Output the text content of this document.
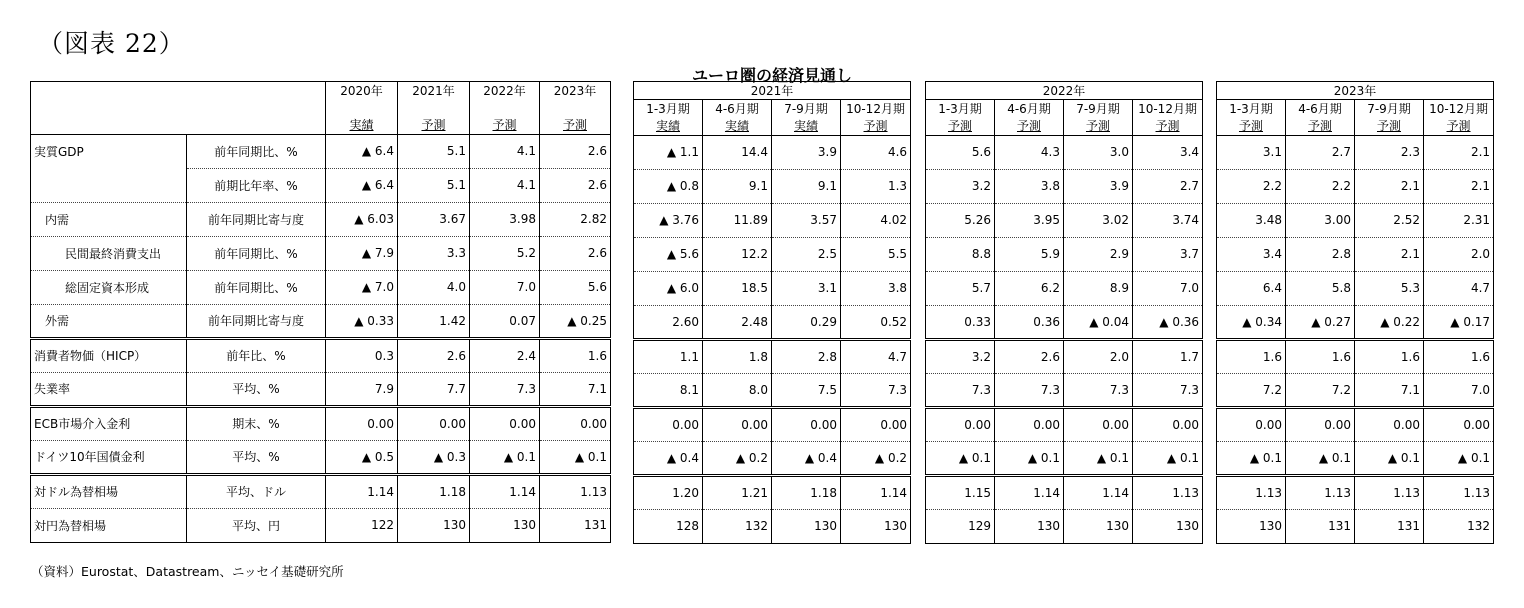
（図表 22）
ユーロ圏の経済見通し
		2020年	2021年	2022年	2023年

		実績	予測	予測	予測
実質GDP	前年同期比、%	▲ 6.4	5.1	4.1	2.6
	前期比年率、%	▲ 6.4	5.1	4.1	2.6
内需	前年同期比寄与度	▲ 6.03	3.67	3.98	2.82
民間最終消費支出	前年同期比、%	▲ 7.9	3.3	5.2	2.6
総固定資本形成	前年同期比、%	▲ 7.0	4.0	7.0	5.6
外需	前年同期比寄与度	▲ 0.33	1.42	0.07	▲ 0.25
消費者物価（HICP）	前年比、%	0.3	2.6	2.4	1.6
失業率	平均、%	7.9	7.7	7.3	7.1
ECB市場介入金利	期末、%	0.00	0.00	0.00	0.00
ドイツ10年国債金利	平均、%	▲ 0.5	▲ 0.3	▲ 0.1	▲ 0.1
対ドル為替相場	平均、ドル	1.14	1.18	1.14	1.13
対円為替相場	平均、円	122	130	130	131
2021年			
1-3月期	4-6月期	7-9月期	10-12月期
実績	実績	実績	予測
▲ 1.1	14.4	3.9	4.6
▲ 0.8	9.1	9.1	1.3
▲ 3.76	11.89	3.57	4.02
▲ 5.6	12.2	2.5	5.5
▲ 6.0	18.5	3.1	3.8
2.60	2.48	0.29	0.52
1.1	1.8	2.8	4.7
8.1	8.0	7.5	7.3
0.00	0.00	0.00	0.00
▲ 0.4	▲ 0.2	▲ 0.4	▲ 0.2
1.20	1.21	1.18	1.14
128	132	130	130
2022年			
1-3月期	4-6月期	7-9月期	10-12月期
予測	予測	予測	予測
5.6	4.3	3.0	3.4
3.2	3.8	3.9	2.7
5.26	3.95	3.02	3.74
8.8	5.9	2.9	3.7
5.7	6.2	8.9	7.0
0.33	0.36	▲ 0.04	▲ 0.36
3.2	2.6	2.0	1.7
7.3	7.3	7.3	7.3
0.00	0.00	0.00	0.00
▲ 0.1	▲ 0.1	▲ 0.1	▲ 0.1
1.15	1.14	1.14	1.13
129	130	130	130
2023年			
1-3月期	4-6月期	7-9月期	10-12月期
予測	予測	予測	予測
3.1	2.7	2.3	2.1
2.2	2.2	2.1	2.1
3.48	3.00	2.52	2.31
3.4	2.8	2.1	2.0
6.4	5.8	5.3	4.7
▲ 0.34	▲ 0.27	▲ 0.22	▲ 0.17
1.6	1.6	1.6	1.6
7.2	7.2	7.1	7.0
0.00	0.00	0.00	0.00
▲ 0.1	▲ 0.1	▲ 0.1	▲ 0.1
1.13	1.13	1.13	1.13
130	131	131	132
（資料）Eurostat、Datastream、ニッセイ基礎研究所
